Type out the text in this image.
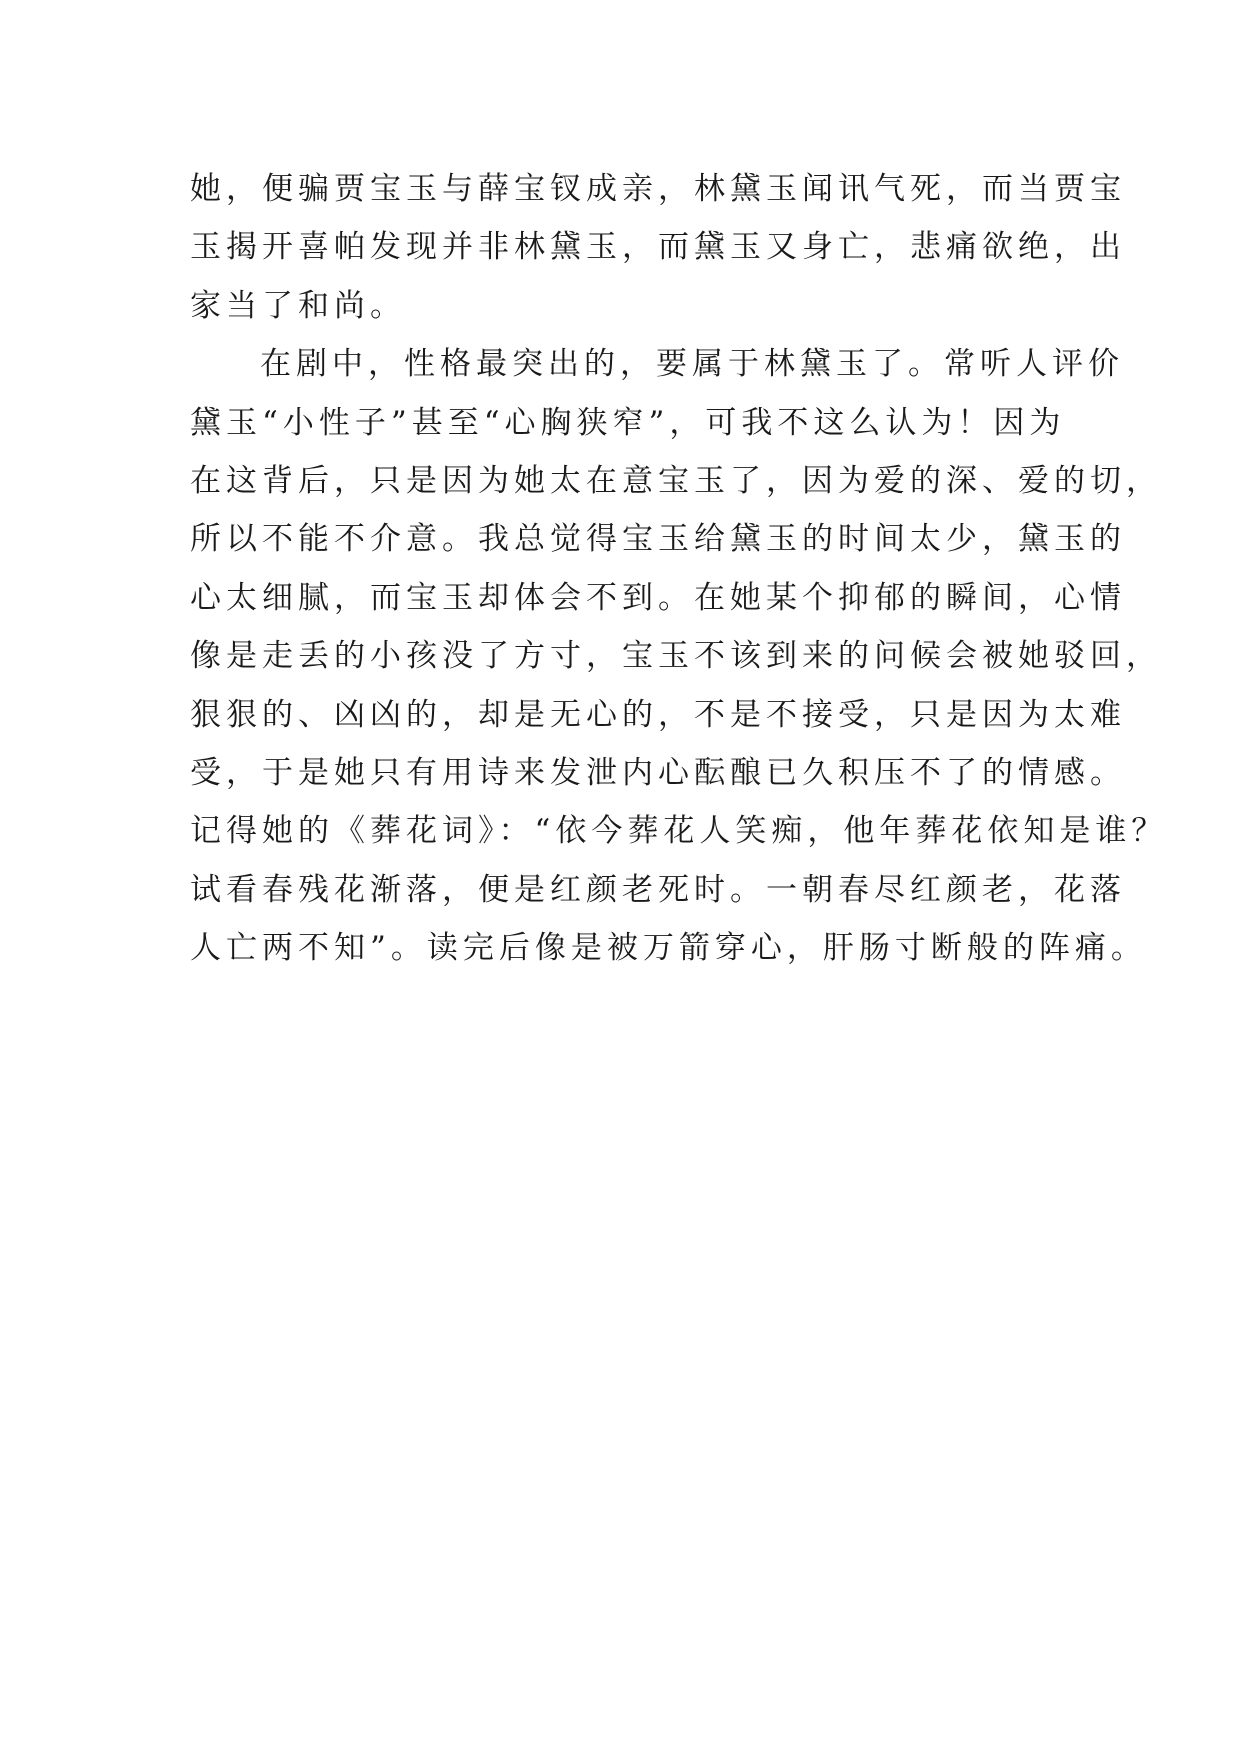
她，便骗贾宝玉与薛宝钗成亲，林黛玉闻讯气死，而当贾宝
玉揭开喜帕发现并非林黛玉，而黛玉又身亡，悲痛欲绝，出
家当了和尚。
在剧中，性格最突出的，要属于林黛玉了。常听人评价
黛玉“小性子”甚至“心胸狭窄”，可我不这么认为！因为
在这背后，只是因为她太在意宝玉了，因为爱的深、爱的切，
所以不能不介意。我总觉得宝玉给黛玉的时间太少，黛玉的
心太细腻，而宝玉却体会不到。在她某个抑郁的瞬间，心情
像是走丢的小孩没了方寸，宝玉不该到来的问候会被她驳回，
狠狠的、凶凶的，却是无心的，不是不接受，只是因为太难
受，于是她只有用诗来发泄内心酝酿已久积压不了的情感。
记得她的《葬花词》：“依今葬花人笑痴，他年葬花依知是谁？
试看春残花渐落，便是红颜老死时。一朝春尽红颜老，花落
人亡两不知”。读完后像是被万箭穿心，肝肠寸断般的阵痛。
